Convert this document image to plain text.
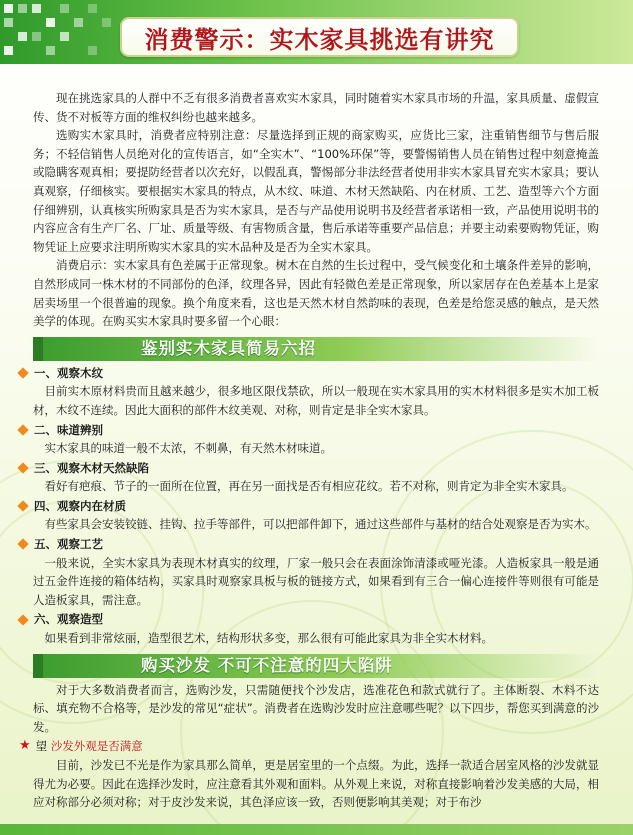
消费警示：实木家具挑选有讲究

现在挑选家具的人群中不乏有很多消费者喜欢实木家具，同时随着实木家具市场的升温，家具质量、虚假宣传、货不对板等方面的维权纠纷也越来越多。

选购实木家具时，消费者应特别注意：尽量选择到正规的商家购买，应货比三家，注重销售细节与售后服务；不轻信销售人员绝对化的宣传语言，如“全实木”、“100%环保”等，要警惕销售人员在销售过程中刻意掩盖或隐瞒客观真相；要提防经营者以次充好，以假乱真，警惕部分非法经营者使用非实木家具冒充实木家具；要认真观察，仔细核实。要根据实木家具的特点，从木纹、味道、木材天然缺陷、内在材质、工艺、造型等六个方面仔细辨别，认真核实所购家具是否为实木家具，是否与产品使用说明书及经营者承诺相一致，产品使用说明书的内容应含有生产厂名、厂址、质量等级、有害物质含量，售后承诺等重要产品信息；并要主动索要购物凭证，购物凭证上应要求注明所购实木家具的实木品种及是否为全实木家具。

消费启示：实木家具有色差属于正常现象。树木在自然的生长过程中，受气候变化和土壤条件差异的影响，自然形成同一株木材的不同部份的色泽，纹理各异，因此有轻微色差是正常现象，所以家居存在色差基本上是家居卖场里一个很普遍的现象。换个角度来看，这也是天然木材自然韵味的表现，色差是给您灵感的触点，是天然美学的体现。在购买实木家具时要多留一个心眼：

鉴别实木家具简易六招
一、观察木纹

目前实木原材料贵而且越来越少，很多地区限伐禁砍，所以一般现在实木家具用的实木材料很多是实木加工板材，木纹不连续。因此大面积的部件木纹美观、对称，则肯定是非全实木家具。

二、味道辨别

实木家具的味道一般不太浓，不刺鼻，有天然木材味道。

三、观察木材天然缺陷

看好有疤痕、节子的一面所在位置，再在另一面找是否有相应花纹。若不对称，则肯定为非全实木家具。

四、观察内在材质

有些家具会安装铰链、挂钩、拉手等部件，可以把部件卸下，通过这些部件与基材的结合处观察是否为实木。

五、观察工艺

一般来说，全实木家具为表现木材真实的纹理，厂家一般只会在表面涂饰清漆或哑光漆。人造板家具一般是通过五金件连接的箱体结构，买家具时观察家具板与板的链接方式，如果看到有三合一偏心连接件等则很有可能是人造板家具，需注意。

六、观察造型

如果看到非常炫丽，造型很艺术，结构形状多变，那么很有可能此家具为非全实木材料。

购买沙发 不可不注意的四大陷阱

对于大多数消费者而言，选购沙发，只需随便找个沙发店，选准花色和款式就行了。主体断裂、木料不达标、填充物不合格等，是沙发的常见“症状”。消费者在选购沙发时应注意哪些呢？以下四步，帮您买到满意的沙发。

★ 望 沙发外观是否满意

目前，沙发已不光是作为家具那么简单，更是居室里的一个点缀。为此，选择一款适合居室风格的沙发就显得尤为必要。因此在选择沙发时，应注意看其外观和面料。从外观上来说，对称直接影响着沙发美感的大局，相应对称部分必须对称；对于皮沙发来说，其色泽应该一致，否则便影响其美观；对于布沙
